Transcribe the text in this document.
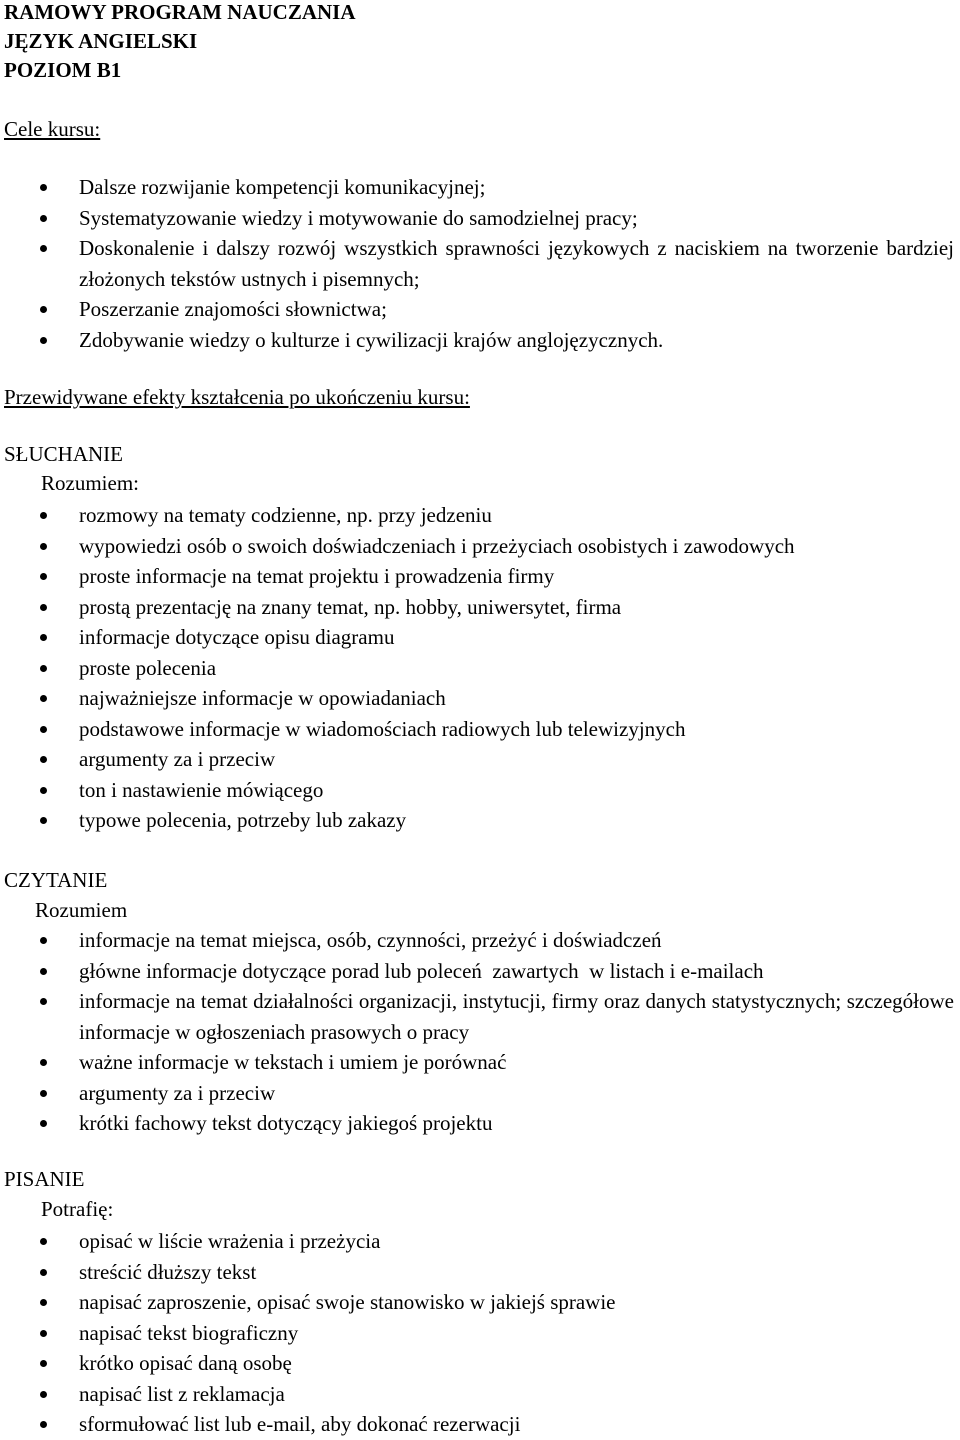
RAMOWY PROGRAM NAUCZANIA
JĘZYK ANGIELSKI
POZIOM B1
Cele kursu:
Dalsze rozwijanie kompetencji komunikacyjnej;
Systematyzowanie wiedzy i motywowanie do samodzielnej pracy;
Doskonalenie i dalszy rozwój wszystkich sprawności językowych z naciskiem na tworzenie bardziej złożonych tekstów ustnych i pisemnych;
Poszerzanie znajomości słownictwa;
Zdobywanie wiedzy o kulturze i cywilizacji krajów anglojęzycznych.
Przewidywane efekty kształcenia po ukończeniu kursu:
SŁUCHANIE
Rozumiem:
rozmowy na tematy codzienne, np. przy jedzeniu
wypowiedzi osób o swoich doświadczeniach i przeżyciach osobistych i zawodowych
proste informacje na temat projektu i prowadzenia firmy
prostą prezentację na znany temat, np. hobby, uniwersytet, firma
informacje dotyczące opisu diagramu
proste polecenia
najważniejsze informacje w opowiadaniach
podstawowe informacje w wiadomościach radiowych lub telewizyjnych
argumenty za i przeciw
ton i nastawienie mówiącego
typowe polecenia, potrzeby lub zakazy
CZYTANIE
Rozumiem
informacje na temat miejsca, osób, czynności, przeżyć i doświadczeń
główne informacje dotyczące porad lub poleceń  zawartych  w listach i e-mailach
informacje na temat działalności organizacji, instytucji, firmy oraz danych statystycznych; szczegółowe informacje w ogłoszeniach prasowych o pracy
ważne informacje w tekstach i umiem je porównać
argumenty za i przeciw
krótki fachowy tekst dotyczący jakiegoś projektu
PISANIE
Potrafię:
opisać w liście wrażenia i przeżycia
streścić dłuższy tekst
napisać zaproszenie, opisać swoje stanowisko w jakiejś sprawie
napisać tekst biograficzny
krótko opisać daną osobę
napisać list z reklamacja
sformułować list lub e-mail, aby dokonać rezerwacji
